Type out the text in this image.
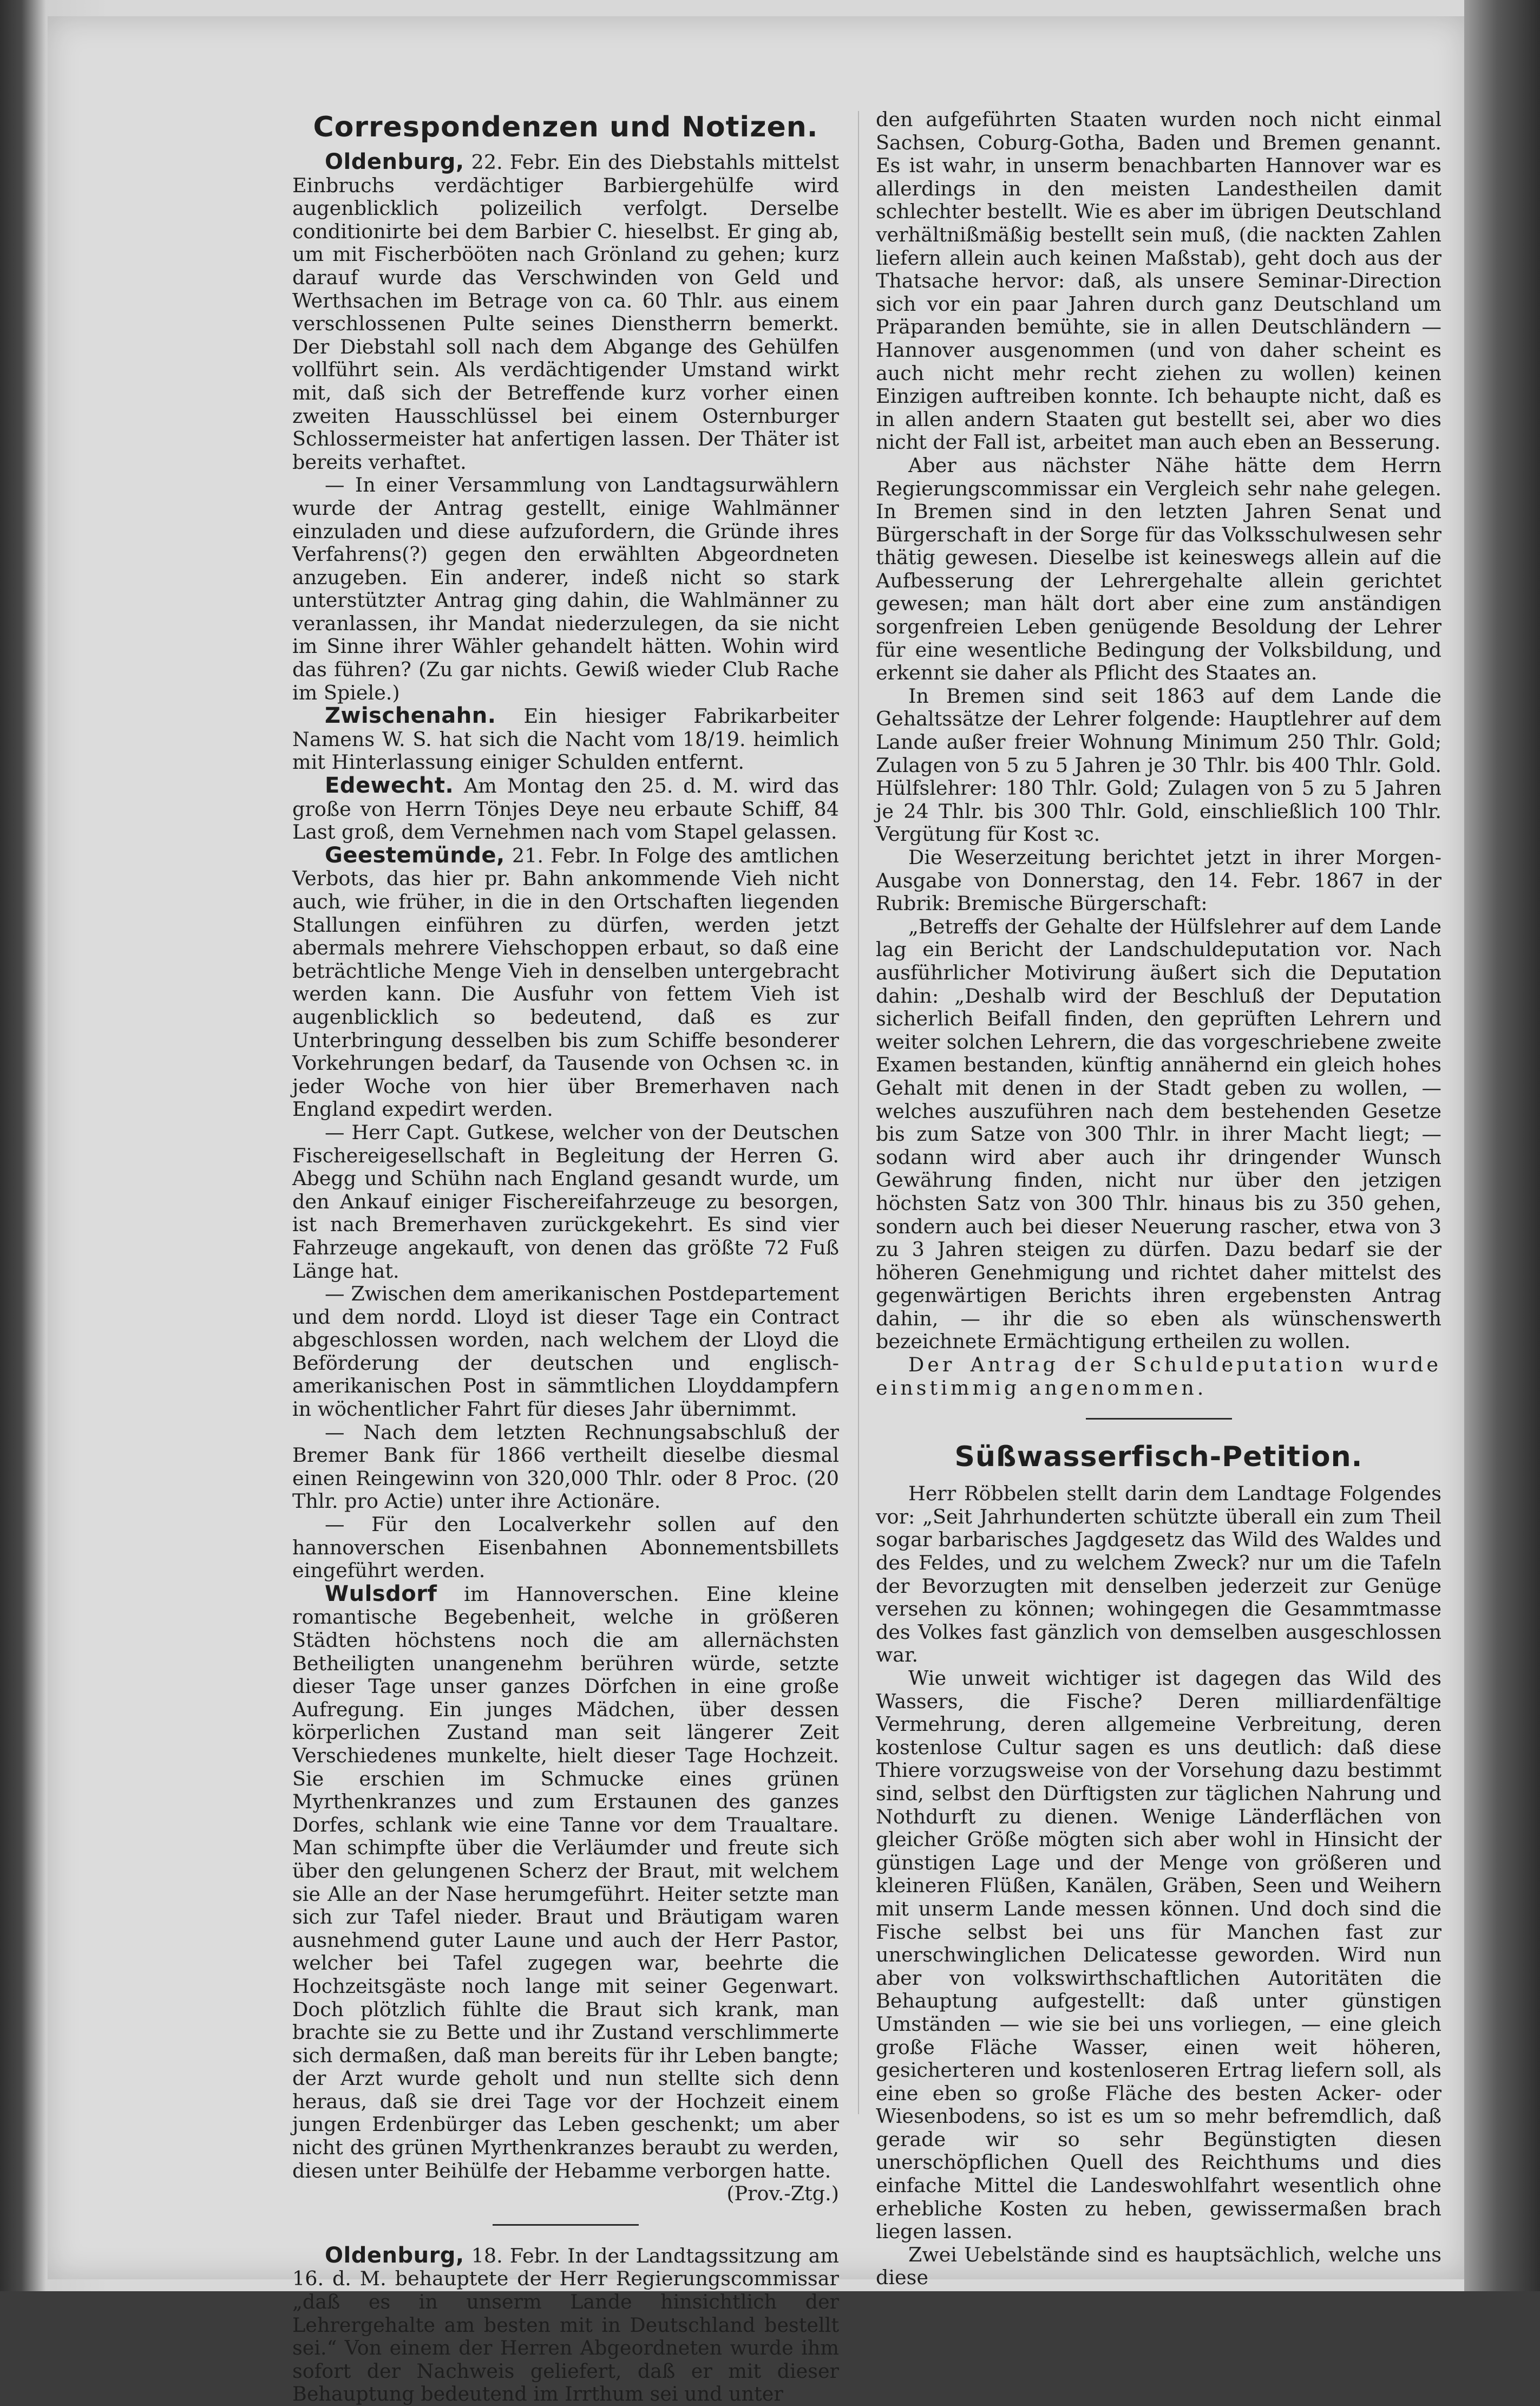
Correspondenzen und Notizen.

Oldenburg, 22. Febr. Ein des Diebstahls mittelst Einbruchs verdächtiger Barbiergehülfe wird augenblicklich polizeilich verfolgt. Derselbe conditionirte bei dem Barbier C. hieselbst. Er ging ab, um mit Fischerbööten nach Grönland zu gehen; kurz darauf wurde das Verschwinden von Geld und Werthsachen im Betrage von ca. 60 Thlr. aus einem verschlossenen Pulte seines Dienstherrn bemerkt. Der Diebstahl soll nach dem Abgange des Gehülfen vollführt sein. Als verdächtigender Umstand wirkt mit, daß sich der Betreffende kurz vorher einen zweiten Hausschlüssel bei einem Osternburger Schlossermeister hat anfertigen lassen. Der Thäter ist bereits verhaftet.

— In einer Versammlung von Landtagsurwählern wurde der Antrag gestellt, einige Wahlmänner einzuladen und diese aufzufordern, die Gründe ihres Verfahrens(?) gegen den erwählten Abgeordneten anzugeben. Ein anderer, indeß nicht so stark unterstützter Antrag ging dahin, die Wahlmänner zu veranlassen, ihr Mandat niederzulegen, da sie nicht im Sinne ihrer Wähler gehandelt hätten. Wohin wird das führen? (Zu gar nichts. Gewiß wieder Club Rache im Spiele.)

Zwischenahn. Ein hiesiger Fabrikarbeiter Namens W. S. hat sich die Nacht vom 18/19. heimlich mit Hinterlassung einiger Schulden entfernt.

Edewecht. Am Montag den 25. d. M. wird das große von Herrn Tönjes Deye neu erbaute Schiff, 84 Last groß, dem Vernehmen nach vom Stapel gelassen.

Geestemünde, 21. Febr. In Folge des amtlichen Verbots, das hier pr. Bahn ankommende Vieh nicht auch, wie früher, in die in den Ortschaften liegenden Stallungen einführen zu dürfen, werden jetzt abermals mehrere Viehschoppen erbaut, so daß eine beträchtliche Menge Vieh in denselben untergebracht werden kann. Die Ausfuhr von fettem Vieh ist augenblicklich so bedeutend, daß es zur Unterbringung desselben bis zum Schiffe besonderer Vorkehrungen bedarf, da Tausende von Ochsen ꝛc. in jeder Woche von hier über Bremerhaven nach England expedirt werden.

— Herr Capt. Gutkese, welcher von der Deutschen Fischereigesellschaft in Begleitung der Herren G. Abegg und Schühn nach England gesandt wurde, um den Ankauf einiger Fischereifahrzeuge zu besorgen, ist nach Bremerhaven zurückgekehrt. Es sind vier Fahrzeuge angekauft, von denen das größte 72 Fuß Länge hat.

— Zwischen dem amerikanischen Postdepartement und dem nordd. Lloyd ist dieser Tage ein Contract abgeschlossen worden, nach welchem der Lloyd die Beförderung der deutschen und englisch-amerikanischen Post in sämmtlichen Lloyddampfern in wöchentlicher Fahrt für dieses Jahr übernimmt.

— Nach dem letzten Rechnungsabschluß der Bremer Bank für 1866 vertheilt dieselbe diesmal einen Reingewinn von 320,000 Thlr. oder 8 Proc. (20 Thlr. pro Actie) unter ihre Actionäre.

— Für den Localverkehr sollen auf den hannoverschen Eisenbahnen Abonnementsbillets eingeführt werden.

Wulsdorf im Hannoverschen. Eine kleine romantische Begebenheit, welche in größeren Städten höchstens noch die am allernächsten Betheiligten unangenehm berühren würde, setzte dieser Tage unser ganzes Dörfchen in eine große Aufregung. Ein junges Mädchen, über dessen körperlichen Zustand man seit längerer Zeit Verschiedenes munkelte, hielt dieser Tage Hochzeit. Sie erschien im Schmucke eines grünen Myrthenkranzes und zum Erstaunen des ganzes Dorfes, schlank wie eine Tanne vor dem Traualtare. Man schimpfte über die Verläumder und freute sich über den gelungenen Scherz der Braut, mit welchem sie Alle an der Nase herumgeführt. Heiter setzte man sich zur Tafel nieder. Braut und Bräutigam waren ausnehmend guter Laune und auch der Herr Pastor, welcher bei Tafel zugegen war, beehrte die Hochzeitsgäste noch lange mit seiner Gegenwart. Doch plötzlich fühlte die Braut sich krank, man brachte sie zu Bette und ihr Zustand verschlimmerte sich dermaßen, daß man bereits für ihr Leben bangte; der Arzt wurde geholt und nun stellte sich denn heraus, daß sie drei Tage vor der Hochzeit einem jungen Erdenbürger das Leben geschenkt; um aber nicht des grünen Myrthenkranzes beraubt zu werden, diesen unter Beihülfe der Hebamme verborgen hatte.
(Prov.-Ztg.)

Oldenburg, 18. Febr. In der Landtagssitzung am 16. d. M. behauptete der Herr Regierungscommissar „daß es in unserm Lande hinsichtlich der Lehrergehalte am besten mit in Deutschland bestellt sei.“ Von einem der Herren Abgeordneten wurde ihm sofort der Nachweis geliefert, daß er mit dieser Behauptung bedeutend im Irrthum sei und unter

den aufgeführten Staaten wurden noch nicht einmal Sachsen, Coburg-Gotha, Baden und Bremen genannt. Es ist wahr, in unserm benachbarten Hannover war es allerdings in den meisten Landestheilen damit schlechter bestellt. Wie es aber im übrigen Deutschland verhältnißmäßig bestellt sein muß, (die nackten Zahlen liefern allein auch keinen Maßstab), geht doch aus der Thatsache hervor: daß, als unsere Seminar-Direction sich vor ein paar Jahren durch ganz Deutschland um Präparanden bemühte, sie in allen Deutschländern — Hannover ausgenommen (und von daher scheint es auch nicht mehr recht ziehen zu wollen) keinen Einzigen auftreiben konnte. Ich behaupte nicht, daß es in allen andern Staaten gut bestellt sei, aber wo dies nicht der Fall ist, arbeitet man auch eben an Besserung.

Aber aus nächster Nähe hätte dem Herrn Regierungscommissar ein Vergleich sehr nahe gelegen. In Bremen sind in den letzten Jahren Senat und Bürgerschaft in der Sorge für das Volksschulwesen sehr thätig gewesen. Dieselbe ist keineswegs allein auf die Aufbesserung der Lehrergehalte allein gerichtet gewesen; man hält dort aber eine zum anständigen sorgenfreien Leben genügende Besoldung der Lehrer für eine wesentliche Bedingung der Volksbildung, und erkennt sie daher als Pflicht des Staates an.

In Bremen sind seit 1863 auf dem Lande die Gehaltssätze der Lehrer folgende: Hauptlehrer auf dem Lande außer freier Wohnung Minimum 250 Thlr. Gold; Zulagen von 5 zu 5 Jahren je 30 Thlr. bis 400 Thlr. Gold. Hülfslehrer: 180 Thlr. Gold; Zulagen von 5 zu 5 Jahren je 24 Thlr. bis 300 Thlr. Gold, einschließlich 100 Thlr. Vergütung für Kost ꝛc.

Die Weserzeitung berichtet jetzt in ihrer Morgen-Ausgabe von Donnerstag, den 14. Febr. 1867 in der Rubrik: Bremische Bürgerschaft:

„Betreffs der Gehalte der Hülfslehrer auf dem Lande lag ein Bericht der Landschuldeputation vor. Nach ausführlicher Motivirung äußert sich die Deputation dahin: „Deshalb wird der Beschluß der Deputation sicherlich Beifall finden, den geprüften Lehrern und weiter solchen Lehrern, die das vorgeschriebene zweite Examen bestanden, künftig annähernd ein gleich hohes Gehalt mit denen in der Stadt geben zu wollen, — welches auszuführen nach dem bestehenden Gesetze bis zum Satze von 300 Thlr. in ihrer Macht liegt; — sodann wird aber auch ihr dringender Wunsch Gewährung finden, nicht nur über den jetzigen höchsten Satz von 300 Thlr. hinaus bis zu 350 gehen, sondern auch bei dieser Neuerung rascher, etwa von 3 zu 3 Jahren steigen zu dürfen. Dazu bedarf sie der höheren Genehmigung und richtet daher mittelst des gegenwärtigen Berichts ihren ergebensten Antrag dahin, — ihr die so eben als wünschenswerth bezeichnete Ermächtigung ertheilen zu wollen.

Der Antrag der Schuldeputation wurde einstimmig angenommen.

Süßwasserfisch-Petition.

Herr Röbbelen stellt darin dem Landtage Folgendes vor: „Seit Jahrhunderten schützte überall ein zum Theil sogar barbarisches Jagdgesetz das Wild des Waldes und des Feldes, und zu welchem Zweck? nur um die Tafeln der Bevorzugten mit denselben jederzeit zur Genüge versehen zu können; wohingegen die Gesammtmasse des Volkes fast gänzlich von demselben ausgeschlossen war.

Wie unweit wichtiger ist dagegen das Wild des Wassers, die Fische? Deren milliardenfältige Vermehrung, deren allgemeine Verbreitung, deren kostenlose Cultur sagen es uns deutlich: daß diese Thiere vorzugsweise von der Vorsehung dazu bestimmt sind, selbst den Dürftigsten zur täglichen Nahrung und Nothdurft zu dienen. Wenige Länderflächen von gleicher Größe mögten sich aber wohl in Hinsicht der günstigen Lage und der Menge von größeren und kleineren Flüßen, Kanälen, Gräben, Seen und Weihern mit unserm Lande messen können. Und doch sind die Fische selbst bei uns für Manchen fast zur unerschwinglichen Delicatesse geworden. Wird nun aber von volkswirthschaftlichen Autoritäten die Behauptung aufgestellt: daß unter günstigen Umständen — wie sie bei uns vorliegen, — eine gleich große Fläche Wasser, einen weit höheren, gesicherteren und kostenloseren Ertrag liefern soll, als eine eben so große Fläche des besten Acker- oder Wiesenbodens, so ist es um so mehr befremdlich, daß gerade wir so sehr Begünstigten diesen unerschöpflichen Quell des Reichthums und dies einfache Mittel die Landeswohlfahrt wesentlich ohne erhebliche Kosten zu heben, gewissermaßen brach liegen lassen.

Zwei Uebelstände sind es hauptsächlich, welche uns diese
